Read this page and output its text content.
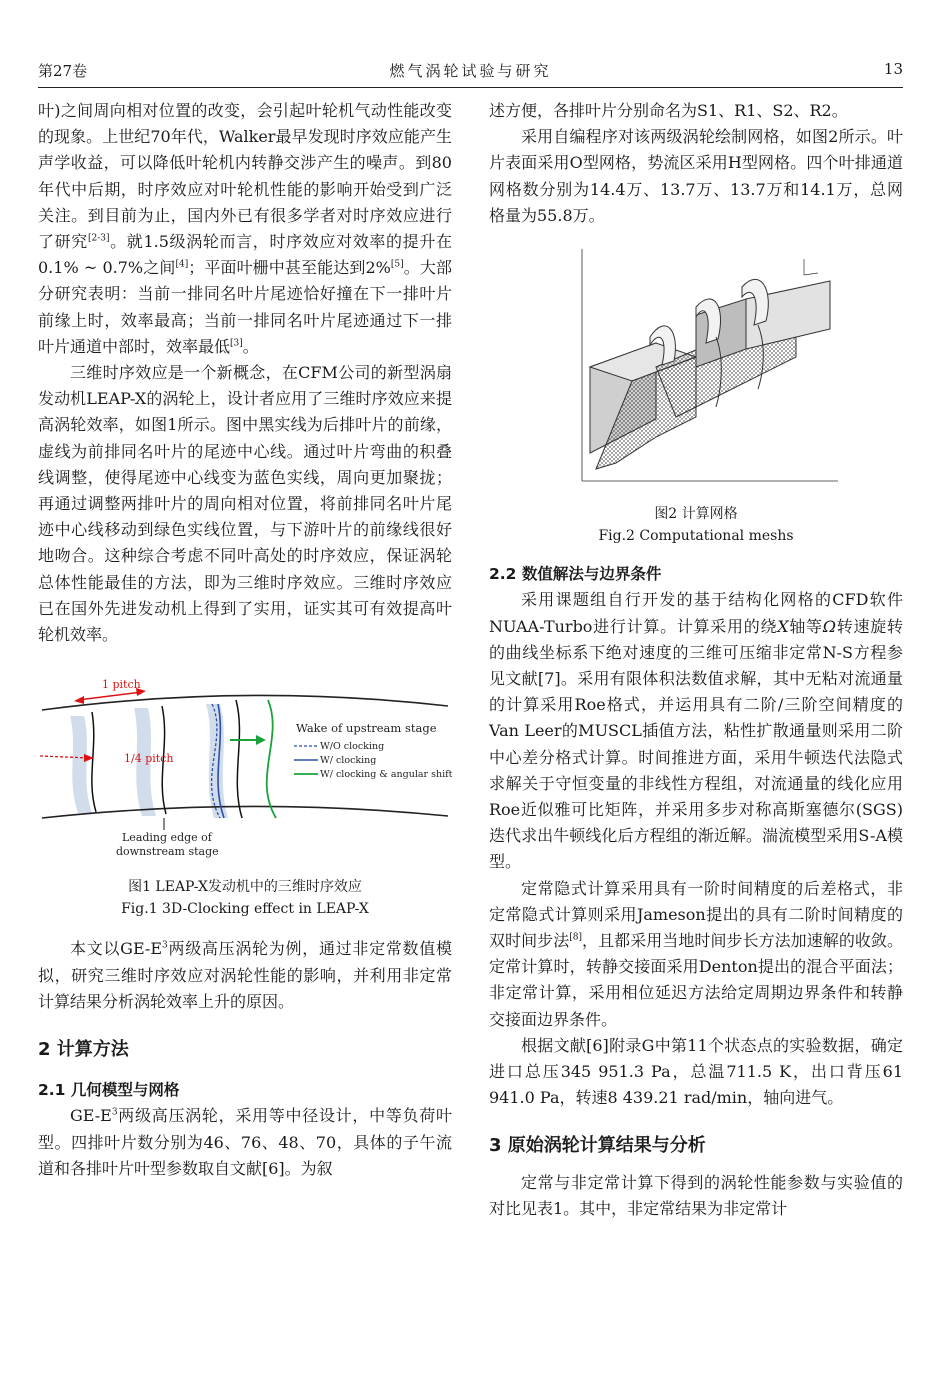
第27卷	燃气涡轮试验与研究	13

叶)之间周向相对位置的改变，会引起叶轮机气动性能改变的现象。上世纪70年代，Walker最早发现时序效应能产生声学收益，可以降低叶轮机内转静交涉产生的噪声。到80年代中后期，时序效应对叶轮机性能的影响开始受到广泛关注。到目前为止，国内外已有很多学者对时序效应进行了研究[2-3]。就1.5级涡轮而言，时序效应对效率的提升在0.1% ~ 0.7%之间[4]；平面叶栅中甚至能达到2%[5]。大部分研究表明：当前一排同名叶片尾迹恰好撞在下一排叶片前缘上时，效率最高；当前一排同名叶片尾迹通过下一排叶片通道中部时，效率最低[3]。

三维时序效应是一个新概念，在CFM公司的新型涡扇发动机LEAP-X的涡轮上，设计者应用了三维时序效应来提高涡轮效率，如图1所示。图中黑实线为后排叶片的前缘，虚线为前排同名叶片的尾迹中心线。通过叶片弯曲的积叠线调整，使得尾迹中心线变为蓝色实线，周向更加聚拢；再通过调整两排叶片的周向相对位置，将前排同名叶片尾迹中心线移动到绿色实线位置，与下游叶片的前缘线很好地吻合。这种综合考虑不同叶高处的时序效应，保证涡轮总体性能最佳的方法，即为三维时序效应。三维时序效应已在国外先进发动机上得到了实用，证实其可有效提高叶轮机效率。

1 pitch
1/4 pitch
Wake of upstream stage
W/O clocking
W/ clocking
W/ clocking & angular shift
Leading edge of
downstream stage
图1 LEAP-X发动机中的三维时序效应
Fig.1 3D-Clocking effect in LEAP-X

本文以$GE-E^3$两级高压涡轮为例，通过非定常数值模拟，研究三维时序效应对涡轮性能的影响，并利用非定常计算结果分析涡轮效率上升的原因。

2 计算方法
2.1 几何模型与网格

$GE-E^3$两级高压涡轮，采用等中径设计，中等负荷叶型。四排叶片数分别为46、76、48、70，具体的子午流道和各排叶片叶型参数取自文献[6]。为叙

述方便，各排叶片分别命名为S1、R1、S2、R2。

采用自编程序对该两级涡轮绘制网格，如图2所示。叶片表面采用O型网格，势流区采用H型网格。四个叶排通道网格数分别为14.4万、13.7万、13.7万和14.1万，总网格量为55.8万。

图2 计算网格
Fig.2 Computational meshs
2.2 数值解法与边界条件

采用课题组自行开发的基于结构化网格的CFD软件NUAA-Turbo进行计算。计算采用的绕X轴等Ω转速旋转的曲线坐标系下绝对速度的三维可压缩非定常N-S方程参见文献[7]。采用有限体积法数值求解，其中无粘对流通量的计算采用Roe格式，并运用具有二阶/三阶空间精度的Van Leer的MUSCL插值方法，粘性扩散通量则采用二阶中心差分格式计算。时间推进方面，采用牛顿迭代法隐式求解关于守恒变量的非线性方程组，对流通量的线化应用Roe近似雅可比矩阵，并采用多步对称高斯塞德尔(SGS)迭代求出牛顿线化后方程组的渐近解。湍流模型采用S-A模型。

定常隐式计算采用具有一阶时间精度的后差格式，非定常隐式计算则采用Jameson提出的具有二阶时间精度的双时间步法[8]，且都采用当地时间步长方法加速解的收敛。定常计算时，转静交接面采用Denton提出的混合平面法；非定常计算，采用相位延迟方法给定周期边界条件和转静交接面边界条件。

根据文献[6]附录G中第11个状态点的实验数据，确定进口总压345 951.3 Pa，总温711.5 K，出口背压61 941.0 Pa，转速8 439.21 rad/min，轴向进气。

3 原始涡轮计算结果与分析

定常与非定常计算下得到的涡轮性能参数与实验值的对比见表1。其中，非定常结果为非定常计
